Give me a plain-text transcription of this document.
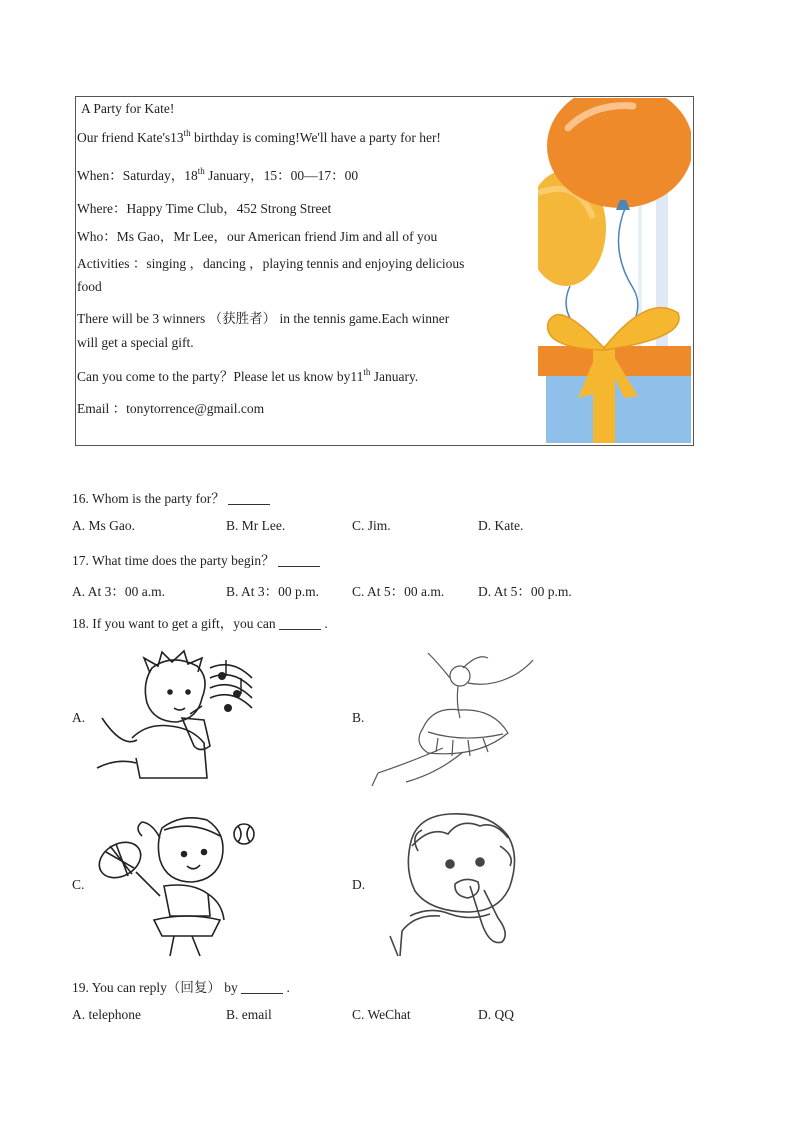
A Party for Kate!
Our friend Kate's13th birthday is coming!We'll have a party for her!
When：Saturday，18th January，15：00—17：00
Where：Happy Time Club，452 Strong Street
Who：Ms Gao，Mr Lee，our American friend Jim and all of you
Activities ：singing ，dancing ，playing tennis and enjoying delicious
food
There will be 3 winners （获胜者） in the tennis game.Each winner
will get a special gift.
Can you come to the party？Please let us know by11th January.
Email ：tonytorrence@gmail.com
16. Whom is the party for？
A. Ms Gao.	B. Mr Lee.	C. Jim.	D. Kate.
17. What time does the party begin？
A. At 3：00 a.m.	B. At 3：00 p.m. C. At 5：00 a.m. D. At 5：00 p.m.
18. If you want to get a gift，you can	.
A.	B.
C.	D.
19. You can reply（回复） by	.
A. telephone	B. email	C. WeChat	D. QQ
